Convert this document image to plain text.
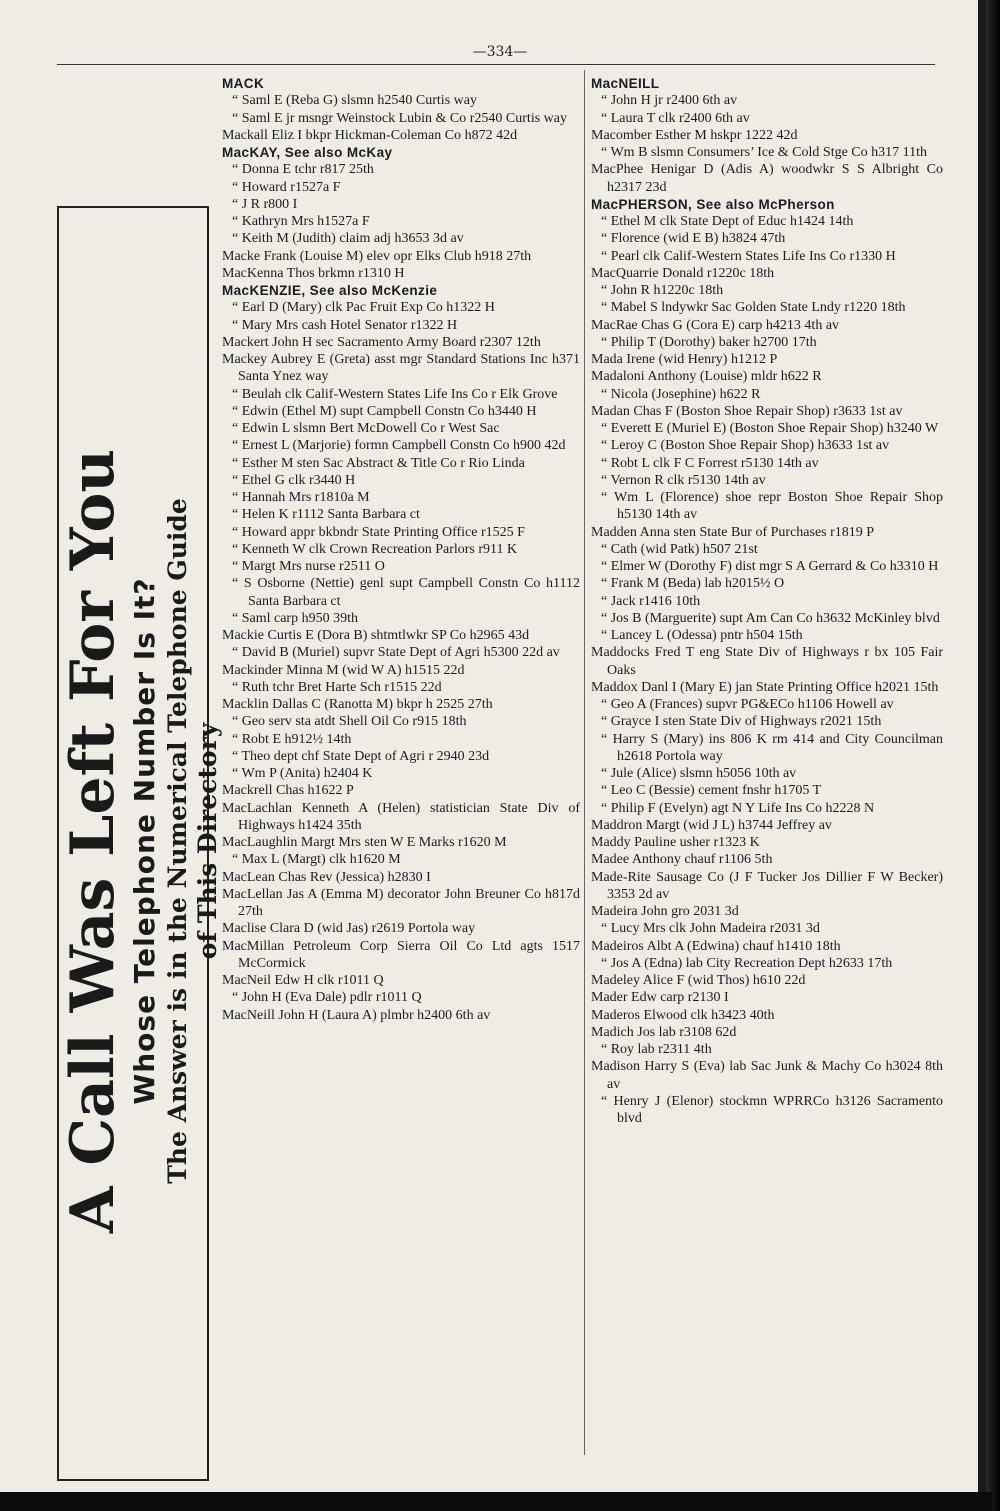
—334—
A Call Was Left For You Whose Telephone Number Is It? The Answer is in the Numerical Telephone Guide of This Directory
MACK
“ Saml E (Reba G) slsmn h2540 Curtis way
“ Saml E jr msngr Weinstock Lubin & Co r2540 Curtis way
Mackall Eliz I bkpr Hickman-Coleman Co h872 42d
MacKAY, See also McKay
“ Donna E tchr r817 25th
“ Howard r1527a F
“ J R r800 I
“ Kathryn Mrs h1527a F
“ Keith M (Judith) claim adj h3653 3d av
Macke Frank (Louise M) elev opr Elks Club h918 27th
MacKenna Thos brkmn r1310 H
MacKENZIE, See also McKenzie
“ Earl D (Mary) clk Pac Fruit Exp Co h1322 H
“ Mary Mrs cash Hotel Senator r1322 H
Mackert John H sec Sacramento Army Board r2307 12th
Mackey Aubrey E (Greta) asst mgr Standard Stations Inc h371 Santa Ynez way
“ Beulah clk Calif-Western States Life Ins Co r Elk Grove
“ Edwin (Ethel M) supt Campbell Constn Co h3440 H
“ Edwin L slsmn Bert McDowell Co r West Sac
“ Ernest L (Marjorie) formn Campbell Constn Co h900 42d
“ Esther M sten Sac Abstract & Title Co r Rio Linda
“ Ethel G clk r3440 H
“ Hannah Mrs r1810a M
“ Helen K r1112 Santa Barbara ct
“ Howard appr bkbndr State Printing Office r1525 F
“ Kenneth W clk Crown Recreation Parlors r911 K
“ Margt Mrs nurse r2511 O
“ S Osborne (Nettie) genl supt Campbell Constn Co h1112 Santa Barbara ct
“ Saml carp h950 39th
Mackie Curtis E (Dora B) shtmtlwkr SP Co h2965 43d
“ David B (Muriel) supvr State Dept of Agri h5300 22d av
Mackinder Minna M (wid W A) h1515 22d
“ Ruth tchr Bret Harte Sch r1515 22d
Macklin Dallas C (Ranotta M) bkpr h 2525 27th
“ Geo serv sta atdt Shell Oil Co r915 18th
“ Robt E h912½ 14th
“ Theo dept chf State Dept of Agri r 2940 23d
“ Wm P (Anita) h2404 K
Mackrell Chas h1622 P
MacLachlan Kenneth A (Helen) statistician State Div of Highways h1424 35th
MacLaughlin Margt Mrs sten W E Marks r1620 M
“ Max L (Margt) clk h1620 M
MacLean Chas Rev (Jessica) h2830 I
MacLellan Jas A (Emma M) decorator John Breuner Co h817d 27th
Maclise Clara D (wid Jas) r2619 Portola way
MacMillan Petroleum Corp Sierra Oil Co Ltd agts 1517 McCormick
MacNeil Edw H clk r1011 Q
“ John H (Eva Dale) pdlr r1011 Q
MacNeill John H (Laura A) plmbr h2400 6th av
MacNEILL
“ John H jr r2400 6th av
“ Laura T clk r2400 6th av
Macomber Esther M hskpr 1222 42d
“ Wm B slsmn Consumers’ Ice & Cold Stge Co h317 11th
MacPhee Henigar D (Adis A) woodwkr S S Albright Co h2317 23d
MacPHERSON, See also McPherson
“ Ethel M clk State Dept of Educ h1424 14th
“ Florence (wid E B) h3824 47th
“ Pearl clk Calif-Western States Life Ins Co r1330 H
MacQuarrie Donald r1220c 18th
“ John R h1220c 18th
“ Mabel S lndywkr Sac Golden State Lndy r1220 18th
MacRae Chas G (Cora E) carp h4213 4th av
“ Philip T (Dorothy) baker h2700 17th
Mada Irene (wid Henry) h1212 P
Madaloni Anthony (Louise) mldr h622 R
“ Nicola (Josephine) h622 R
Madan Chas F (Boston Shoe Repair Shop) r3633 1st av
“ Everett E (Muriel E) (Boston Shoe Repair Shop) h3240 W
“ Leroy C (Boston Shoe Repair Shop) h3633 1st av
“ Robt L clk F C Forrest r5130 14th av
“ Vernon R clk r5130 14th av
“ Wm L (Florence) shoe repr Boston Shoe Repair Shop h5130 14th av
Madden Anna sten State Bur of Purchases r1819 P
“ Cath (wid Patk) h507 21st
“ Elmer W (Dorothy F) dist mgr S A Gerrard & Co h3310 H
“ Frank M (Beda) lab h2015½ O
“ Jack r1416 10th
“ Jos B (Marguerite) supt Am Can Co h3632 McKinley blvd
“ Lancey L (Odessa) pntr h504 15th
Maddocks Fred T eng State Div of Highways r bx 105 Fair Oaks
Maddox Danl I (Mary E) jan State Printing Office h2021 15th
“ Geo A (Frances) supvr PG&ECo h1106 Howell av
“ Grayce I sten State Div of Highways r2021 15th
“ Harry S (Mary) ins 806 K rm 414 and City Councilman h2618 Portola way
“ Jule (Alice) slsmn h5056 10th av
“ Leo C (Bessie) cement fnshr h1705 T
“ Philip F (Evelyn) agt N Y Life Ins Co h2228 N
Maddron Margt (wid J L) h3744 Jeffrey av
Maddy Pauline usher r1323 K
Madee Anthony chauf r1106 5th
Made-Rite Sausage Co (J F Tucker Jos Dillier F W Becker) 3353 2d av
Madeira John gro 2031 3d
“ Lucy Mrs clk John Madeira r2031 3d
Madeiros Albt A (Edwina) chauf h1410 18th
“ Jos A (Edna) lab City Recreation Dept h2633 17th
Madeley Alice F (wid Thos) h610 22d
Mader Edw carp r2130 I
Maderos Elwood clk h3423 40th
Madich Jos lab r3108 62d
“ Roy lab r2311 4th
Madison Harry S (Eva) lab Sac Junk & Machy Co h3024 8th av
“ Henry J (Elenor) stockmn WPRRCo h3126 Sacramento blvd
